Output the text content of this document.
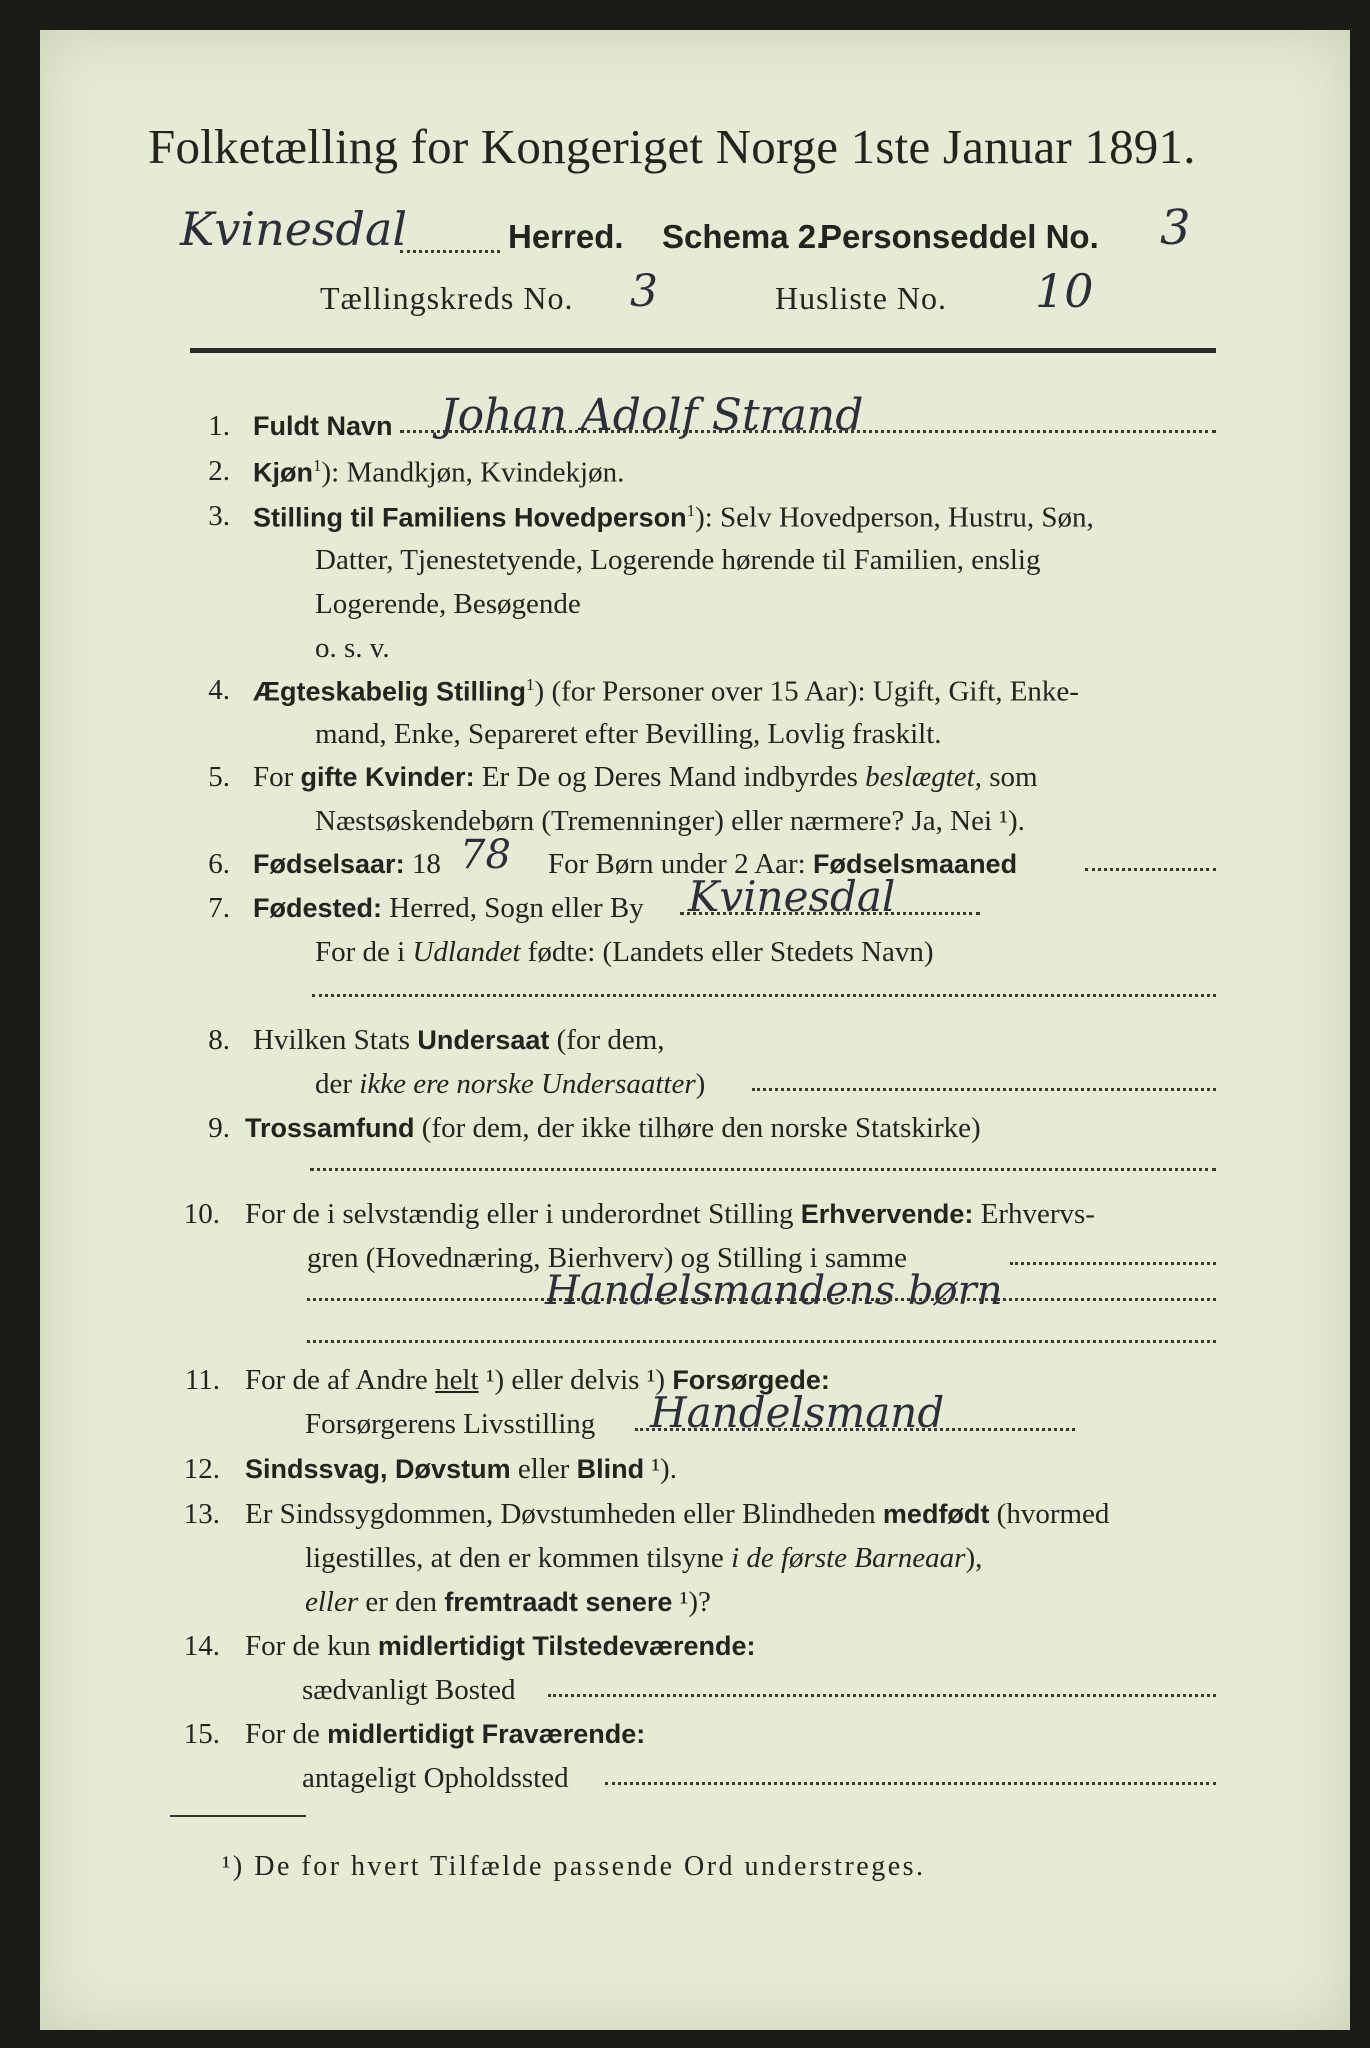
Folketælling for Kongeriget Norge 1ste Januar 1891.
Kvinesdal	Herred. Schema 2.
Personseddel No. 3
Tællingskreds No. 3	Husliste No. 10
1. Fuldt Navn Johan Adolf Strand
2. Kjøn$^1$): Mandkjøn, Kvindekjøn.
3. Stilling til Familiens Hovedperson$^1$): Selv Hovedperson, Hustru, Søn,
Datter, Tjenestetyende, Logerende hørende til Familien, enslig
Logerende, Besøgende
o. s. v.
4. Ægteskabelig Stilling$^1$) (for Personer over 15 Aar): Ugift, Gift, Enke-
mand, Enke, Separeret efter Bevilling, Lovlig fraskilt.
5. For gifte Kvinder: Er De og Deres Mand indbyrdes beslægtet, som
Næstsøskendebørn (Tremenninger) eller nærmere? Ja, Nei ¹).
6. Fødselsaar: 18 78 For Børn under 2 Aar: Fødselsmaaned
7. Fødested: Herred, Sogn eller By Kvinesdal
For de i Udlandet fødte: (Landets eller Stedets Navn)
8. Hvilken Stats Undersaat (for dem,
der ikke ere norske Undersaatter)
9. Trossamfund (for dem, der ikke tilhøre den norske Statskirke)
10. For de i selvstændig eller i underordnet Stilling Erhvervende: Erhvervs-
gren (Hovednæring, Bierhverv) og Stilling i samme
Handelsmandens børn
11. For de af Andre helt ¹) eller delvis ¹) Forsørgede:
Forsørgerens Livsstilling Handelsmand
12. Sindssvag, Døvstum eller Blind ¹).
13. Er Sindssygdommen, Døvstumheden eller Blindheden medfødt (hvormed
ligestilles, at den er kommen tilsyne i de første Barneaar),
eller er den fremtraadt senere ¹)?
14. For de kun midlertidigt Tilstedeværende:
sædvanligt Bosted
15. For de midlertidigt Fraværende:
antageligt Opholdssted
¹) De for hvert Tilfælde passende Ord understreges.
